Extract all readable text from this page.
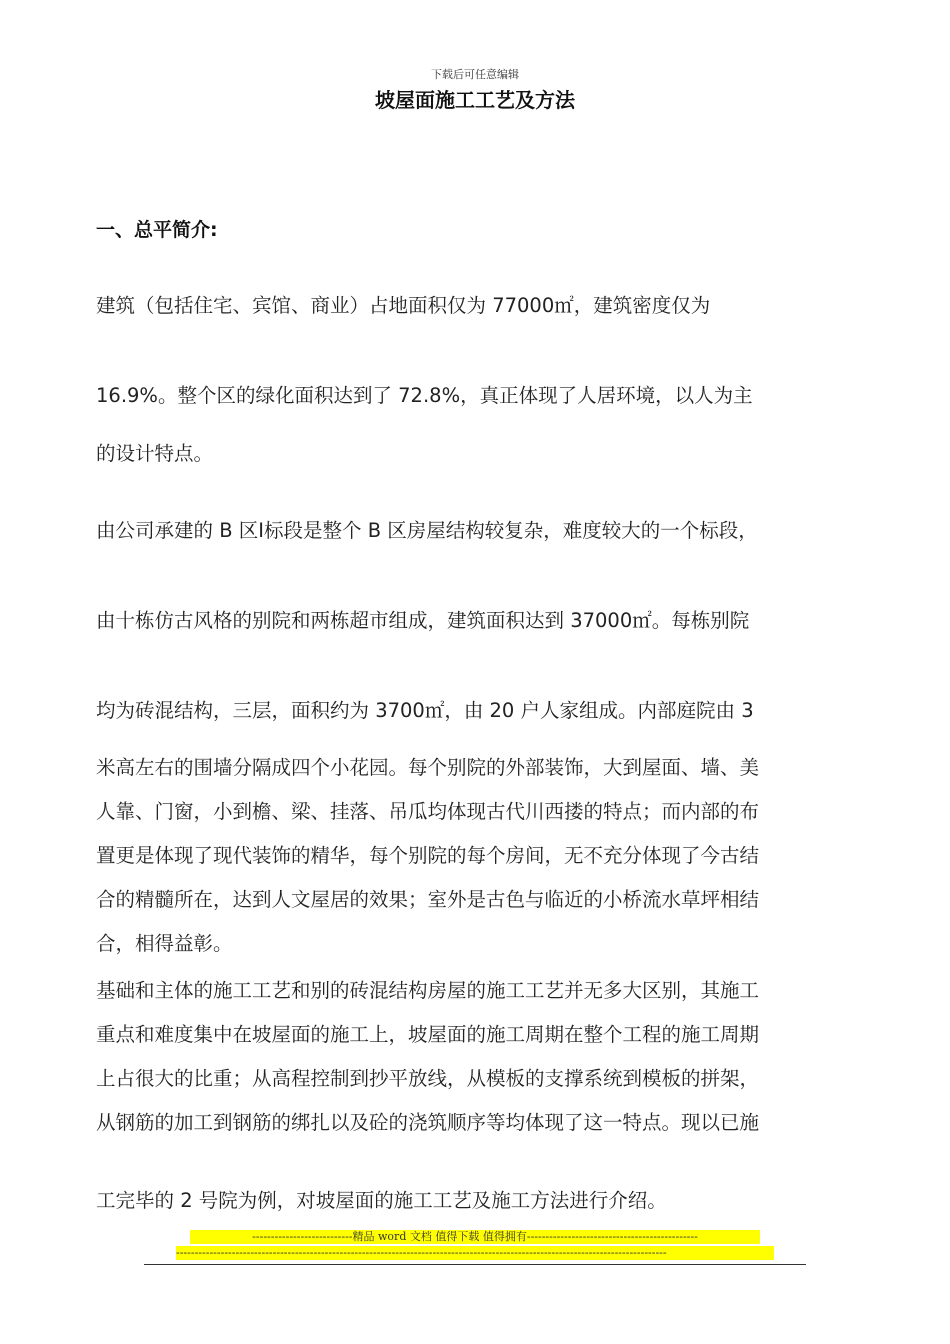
下载后可任意编辑
坡屋面施工工艺及方法
一、总平简介:
建筑（包括住宅、宾馆、商业）占地面积仅为 77000㎡，建筑密度仅为
16.9%。整个区的绿化面积达到了 72.8%，真正体现了人居环境，以人为主
的设计特点。
由公司承建的 B 区Ⅰ标段是整个 B 区房屋结构较复杂，难度较大的一个标段，
由十栋仿古风格的别院和两栋超市组成，建筑面积达到 37000㎡。每栋别院
均为砖混结构，三层，面积约为 3700㎡，由 20 户人家组成。内部庭院由 3
米高左右的围墙分隔成四个小花园。每个别院的外部装饰，大到屋面、墙、美
人靠、门窗，小到檐、梁、挂落、吊瓜均体现古代川西搂的特点；而内部的布
置更是体现了现代装饰的精华，每个别院的每个房间，无不充分体现了今古结
合的精髓所在，达到人文屋居的效果；室外是古色与临近的小桥流水草坪相结
合，相得益彰。
基础和主体的施工工艺和别的砖混结构房屋的施工工艺并无多大区别，其施工
重点和难度集中在坡屋面的施工上，坡屋面的施工周期在整个工程的施工周期
上占很大的比重；从高程控制到抄平放线，从模板的支撑系统到模板的拼架，
从钢筋的加工到钢筋的绑扎以及砼的浇筑顺序等均体现了这一特点。现以已施
工完毕的 2 号院为例，对坡屋面的施工工艺及施工方法进行介绍。
---------------------------精品 word 文档 值得下载 值得拥有----------------------------------------------
------------------------------------------------------------------------------------------------------------------------------------
